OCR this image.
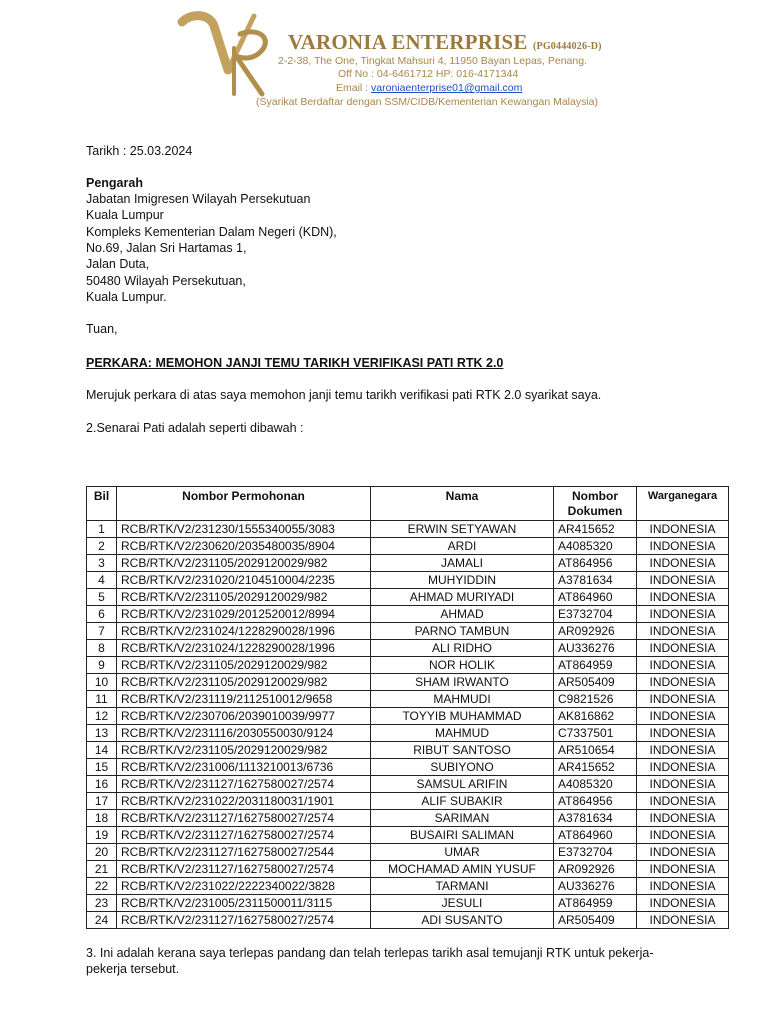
VR
VARONIA ENTERPRISE (PG0444026-D)
2-2-38, The One, Tingkat Mahsuri 4, 11950 Bayan Lepas, Penang.
Off No : 04-6461712 HP: 016-4171344
Email : varoniaenterprise01@gmail.com
(Syarikat Berdaftar dengan SSM/CIDB/Kementerian Kewangan Malaysia)
Tarikh : 25.03.2024
Pengarah
Jabatan Imigresen Wilayah Persekutuan
Kuala Lumpur
Kompleks Kementerian Dalam Negeri (KDN),
No.69, Jalan Sri Hartamas 1,
Jalan Duta,
50480 Wilayah Persekutuan,
Kuala Lumpur.
Tuan,
PERKARA: MEMOHON JANJI TEMU TARIKH VERIFIKASI PATI RTK 2.0
Merujuk perkara di atas saya memohon janji temu tarikh verifikasi pati RTK 2.0 syarikat saya.
2.Senarai Pati adalah seperti dibawah :
Bil	Nombor Permohonan	Nama	Nombor Dokumen	Warganegara
1	RCB/RTK/V2/231230/1555340055/3083	ERWIN SETYAWAN	AR415652	INDONESIA
2	RCB/RTK/V2/230620/2035480035/8904	ARDI	A4085320	INDONESIA
3	RCB/RTK/V2/231105/2029120029/982	JAMALI	AT864956	INDONESIA
4	RCB/RTK/V2/231020/2104510004/2235	MUHYIDDIN	A3781634	INDONESIA
5	RCB/RTK/V2/231105/2029120029/982	AHMAD MURIYADI	AT864960	INDONESIA
6	RCB/RTK/V2/231029/2012520012/8994	AHMAD	E3732704	INDONESIA
7	RCB/RTK/V2/231024/1228290028/1996	PARNO TAMBUN	AR092926	INDONESIA
8	RCB/RTK/V2/231024/1228290028/1996	ALI RIDHO	AU336276	INDONESIA
9	RCB/RTK/V2/231105/2029120029/982	NOR HOLIK	AT864959	INDONESIA
10	RCB/RTK/V2/231105/2029120029/982	SHAM IRWANTO	AR505409	INDONESIA
11	RCB/RTK/V2/231119/2112510012/9658	MAHMUDI	C9821526	INDONESIA
12	RCB/RTK/V2/230706/2039010039/9977	TOYYIB MUHAMMAD	AK816862	INDONESIA
13	RCB/RTK/V2/231116/2030550030/9124	MAHMUD	C7337501	INDONESIA
14	RCB/RTK/V2/231105/2029120029/982	RIBUT SANTOSO	AR510654	INDONESIA
15	RCB/RTK/V2/231006/1113210013/6736	SUBIYONO	AR415652	INDONESIA
16	RCB/RTK/V2/231127/1627580027/2574	SAMSUL ARIFIN	A4085320	INDONESIA
17	RCB/RTK/V2/231022/2031180031/1901	ALIF SUBAKIR	AT864956	INDONESIA
18	RCB/RTK/V2/231127/1627580027/2574	SARIMAN	A3781634	INDONESIA
19	RCB/RTK/V2/231127/1627580027/2574	BUSAIRI SALIMAN	AT864960	INDONESIA
20	RCB/RTK/V2/231127/1627580027/2544	UMAR	E3732704	INDONESIA
21	RCB/RTK/V2/231127/1627580027/2574	MOCHAMAD AMIN YUSUF	AR092926	INDONESIA
22	RCB/RTK/V2/231022/2222340022/3828	TARMANI	AU336276	INDONESIA
23	RCB/RTK/V2/231005/2311500011/3115	JESULI	AT864959	INDONESIA
24	RCB/RTK/V2/231127/1627580027/2574	ADI SUSANTO	AR505409	INDONESIA
3. Ini adalah kerana saya terlepas pandang dan telah terlepas tarikh asal temujanji RTK untuk pekerja-
pekerja tersebut.
